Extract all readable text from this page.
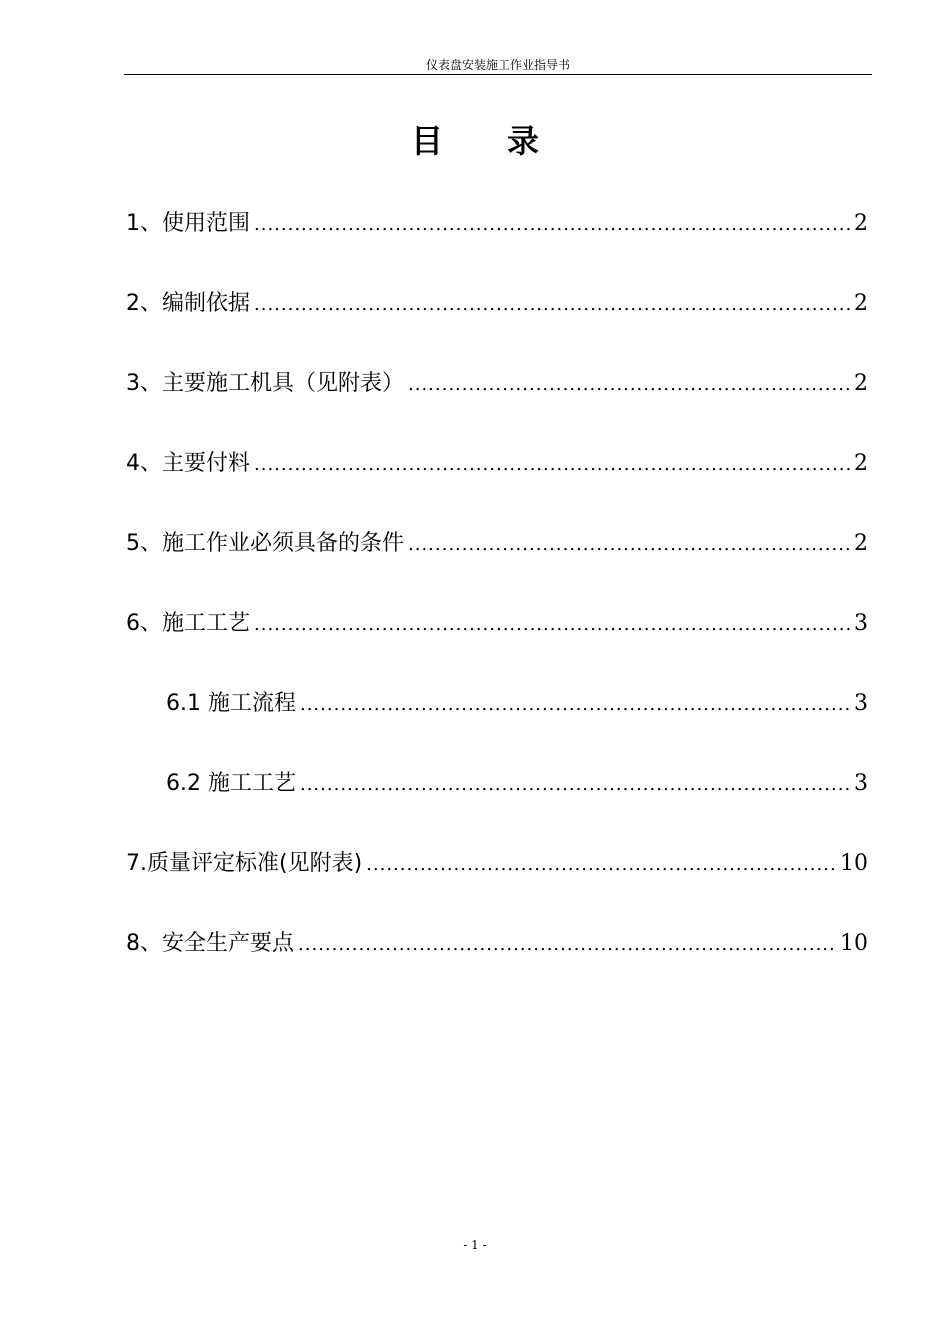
仪表盘安装施工作业指导书
目录
1、使用范围 .....	2
2、编制依据 .....	2
3、主要施工机具（见附表） .....	2
4、主要付料 .....	2
5、施工作业必须具备的条件 .....	2
6、施工工艺 .....	3
6.1 施工流程 .....	3
6.2 施工工艺 .....	3
7.质量评定标准(见附表) .....	10
8、安全生产要点 .....	10
- 1 -
